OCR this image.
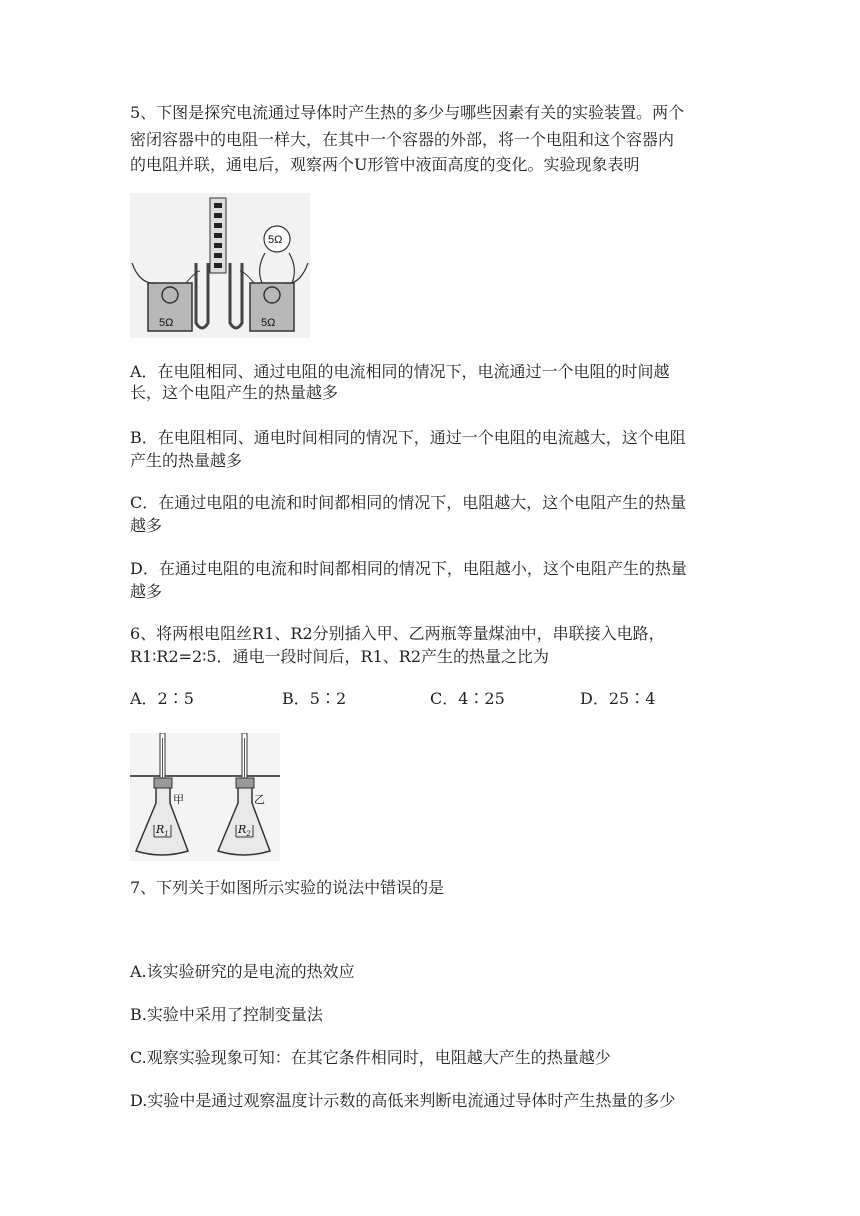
5、下图是探究电流通过导体时产生热的多少与哪些因素有关的实验装置。两个
密闭容器中的电阻一样大，在其中一个容器的外部，将一个电阻和这个容器内
的电阻并联，通电后，观察两个U形管中液面高度的变化。实验现象表明
5Ω	5Ω
5Ω
A．在电阻相同、通过电阻的电流相同的情况下，电流通过一个电阻的时间越
长，这个电阻产生的热量越多
B．在电阻相同、通电时间相同的情况下，通过一个电阻的电流越大，这个电阻
产生的热量越多
C．在通过电阻的电流和时间都相同的情况下，电阻越大，这个电阻产生的热量
越多
D．在通过电阻的电流和时间都相同的情况下，电阻越小，这个电阻产生的热量
越多
6、将两根电阻丝R1、R2分别插入甲、乙两瓶等量煤油中，串联接入电路，
R1∶R2=2∶5．通电一段时间后，R1、R2产生的热量之比为
A．2∶5	B．5∶2	C．4∶25	D．25∶4
甲	乙
$R_1$	$R_2$
7、下列关于如图所示实验的说法中错误的是
A.该实验研究的是电流的热效应
B.实验中采用了控制变量法
C.观察实验现象可知：在其它条件相同时，电阻越大产生的热量越少
D.实验中是通过观察温度计示数的高低来判断电流通过导体时产生热量的多少
